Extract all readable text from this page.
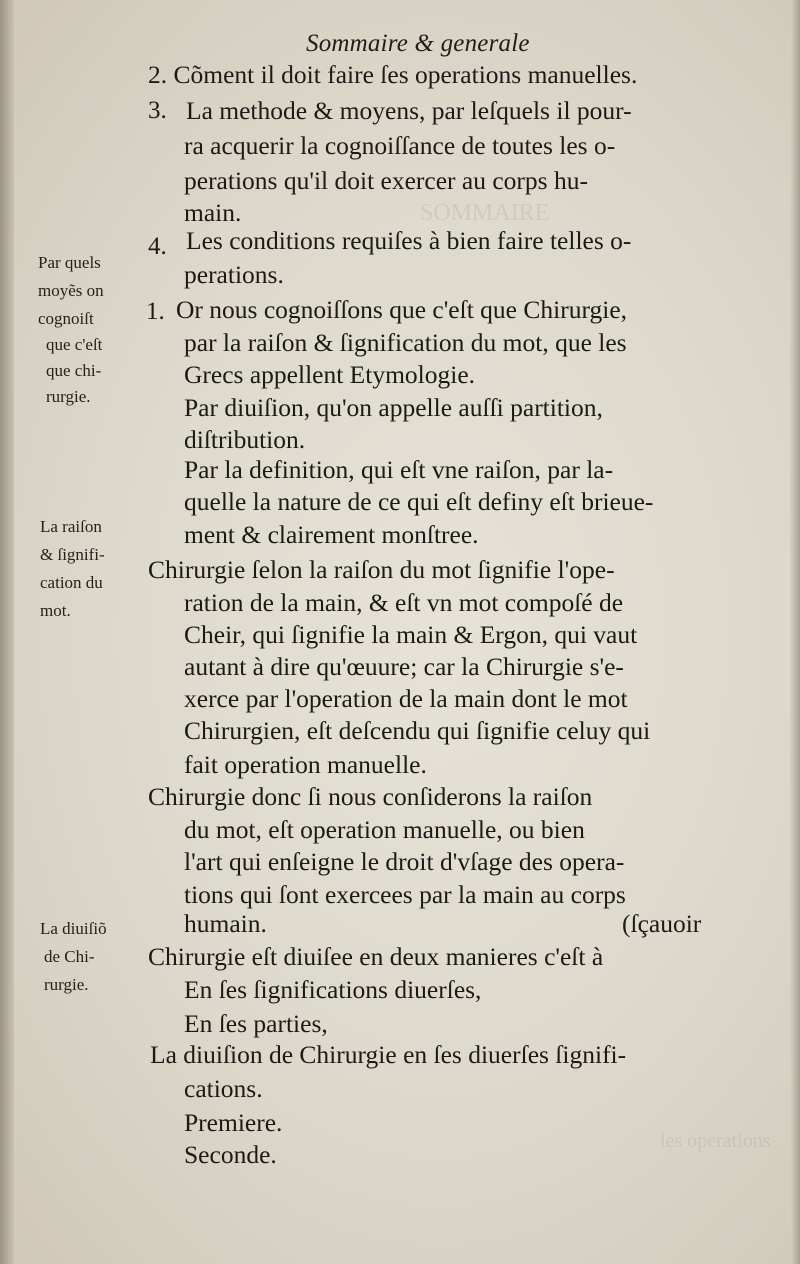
SOMMAIRE
les operations
Sommaire & generale
2. Cõment il doit faire ſes operations manuelles.
3. La methode & moyens, par leſquels il pour-
ra acquerir la cognoiſſance de toutes les o-
perations qu'il doit exercer au corps hu-
main.
4. Les conditions requiſes à bien faire telles o-
perations.
1. Or nous cognoiſſons que c'eſt que Chirurgie,
par la raiſon & ſignification du mot, que les
Grecs appellent Etymologie.
Par diuiſion, qu'on appelle auſſi partition,
diſtribution.
Par la definition, qui eſt vne raiſon, par la-
quelle la nature de ce qui eſt definy eſt brieue-
ment & clairement monſtree.
Chirurgie ſelon la raiſon du mot ſignifie l'ope-
ration de la main, & eſt vn mot compoſé de
Cheir, qui ſignifie la main & Ergon, qui vaut
autant à dire qu'œuure; car la Chirurgie s'e-
xerce par l'operation de la main dont le mot
Chirurgien, eſt deſcendu qui ſignifie celuy qui
fait operation manuelle.
Chirurgie donc ſi nous conſiderons la raiſon
du mot, eſt operation manuelle, ou bien
l'art qui enſeigne le droit d'vſage des opera-
tions qui ſont exercees par la main au corps
humain.	(ſçauoir
Chirurgie eſt diuiſee en deux manieres c'eſt à
En ſes ſignifications diuerſes,
En ſes parties,
La diuiſion de Chirurgie en ſes diuerſes ſignifi-
cations.
Premiere.
Seconde.
Par quels
moyẽs on
cognoiſt
que c'eſt
que chi-
rurgie.
La raiſon
& ſignifi-
cation du
mot.
La diuiſiõ
de Chi-
rurgie.
